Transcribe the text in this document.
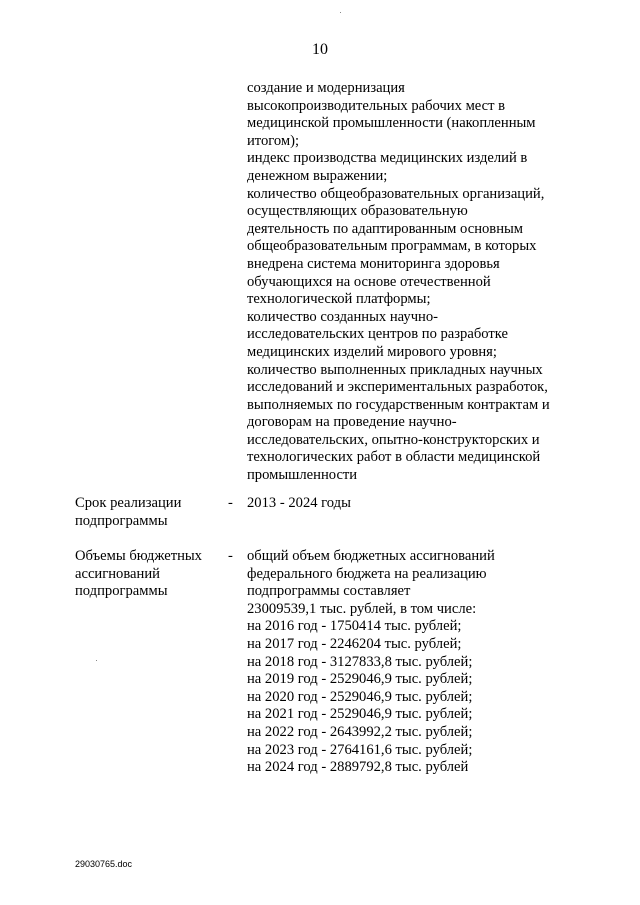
10
создание и модернизация
высокопроизводительных рабочих мест в
медицинской промышленности (накопленным
итогом);
индекс производства медицинских изделий в
денежном выражении;
количество общеобразовательных организаций,
осуществляющих образовательную
деятельность по адаптированным основным
общеобразовательным программам, в которых
внедрена система мониторинга здоровья
обучающихся на основе отечественной
технологической платформы;
количество созданных научно-
исследовательских центров по разработке
медицинских изделий мирового уровня;
количество выполненных прикладных научных
исследований и экспериментальных разработок,
выполняемых по государственным контрактам и
договорам на проведение научно-
исследовательских, опытно-конструкторских и
технологических работ в области медицинской
промышленности
Срок реализации
подпрограммы
- 2013 - 2024 годы
Объемы бюджетных
ассигнований
подпрограммы
- общий объем бюджетных ассигнований
федерального бюджета на реализацию
подпрограммы составляет
23009539,1 тыс. рублей, в том числе:
на 2016 год - 1750414 тыс. рублей;
на 2017 год - 2246204 тыс. рублей;
на 2018 год - 3127833,8 тыс. рублей;
на 2019 год - 2529046,9 тыс. рублей;
на 2020 год - 2529046,9 тыс. рублей;
на 2021 год - 2529046,9 тыс. рублей;
на 2022 год - 2643992,2 тыс. рублей;
на 2023 год - 2764161,6 тыс. рублей;
на 2024 год - 2889792,8 тыс. рублей
29030765.doc
